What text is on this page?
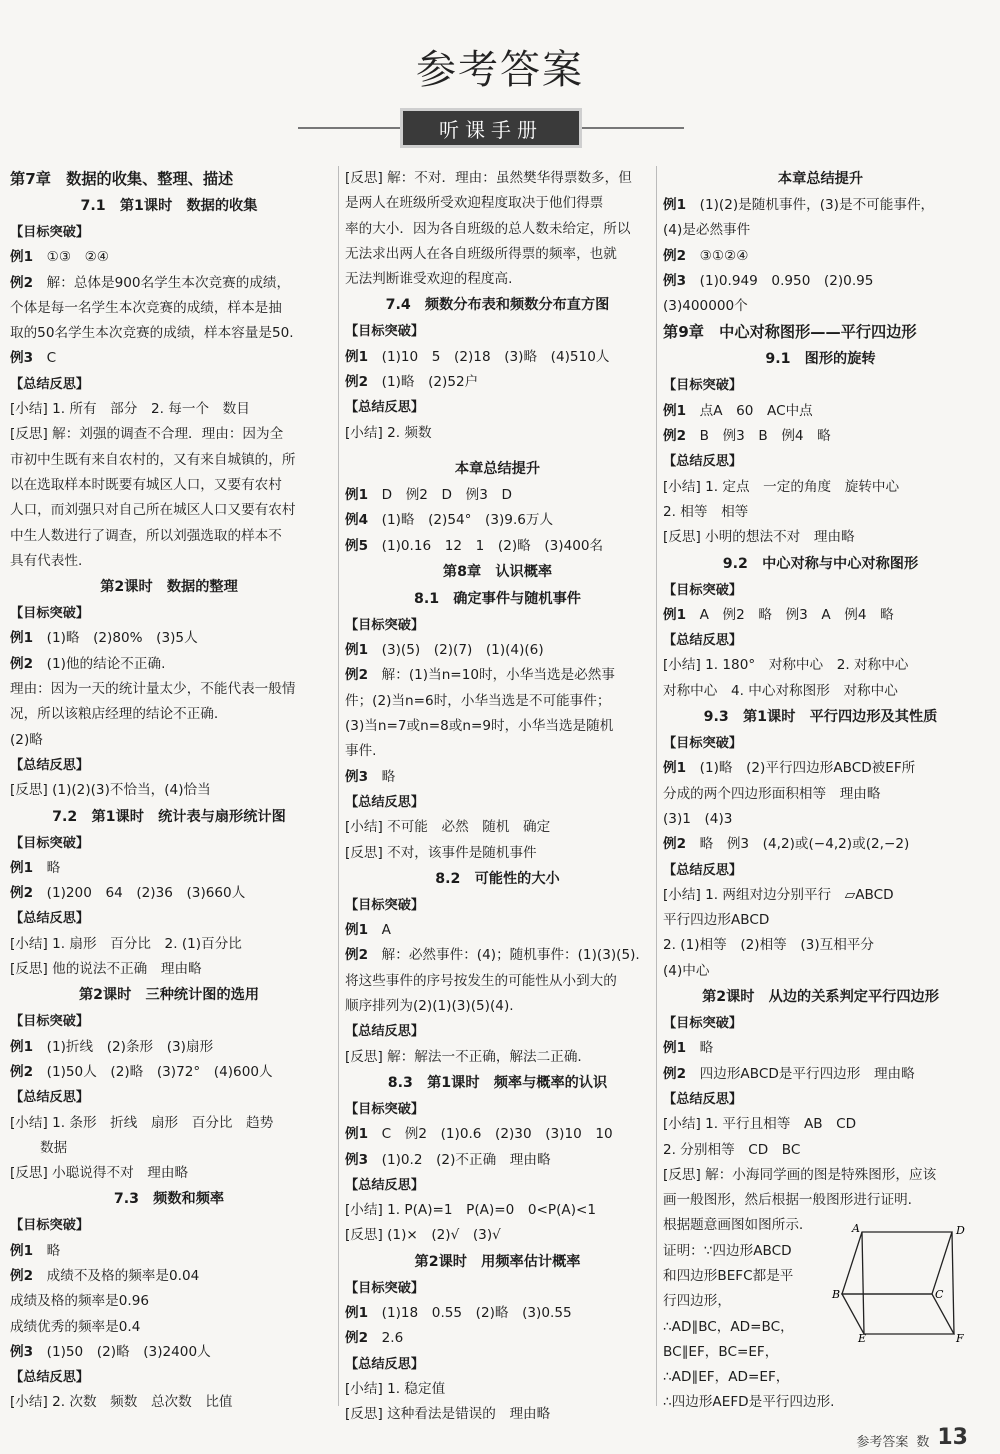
参考答案
听课手册
第7章　数据的收集、整理、描述
7.1　第1课时　数据的收集
【目标突破】
例1　 ①③　②④
例2　 解：总体是900名学生本次竞赛的成绩，
个体是每一名学生本次竞赛的成绩，样本是抽
取的50名学生本次竞赛的成绩，样本容量是50.
例3　 C
【总结反思】
[小结] 1. 所有　部分　2. 每一个　数目
[反思] 解：刘强的调查不合理．理由：因为全
市初中生既有来自农村的，又有来自城镇的，所
以在选取样本时既要有城区人口，又要有农村
人口，而刘强只对自己所在城区人口又要有农村
中生人数进行了调查，所以刘强选取的样本不
具有代表性.
第2课时　数据的整理
【目标突破】
例1　 (1)略　(2)80%　(3)5人
例2　 (1)他的结论不正确.
理由：因为一天的统计量太少，不能代表一般情
况，所以该粮店经理的结论不正确.
(2)略
【总结反思】
[反思] (1)(2)(3)不恰当，(4)恰当
7.2　第1课时　统计表与扇形统计图
【目标突破】
例1　 略
例2　 (1)200　64　(2)36　(3)660人
【总结反思】
[小结] 1. 扇形　百分比　2. (1)百分比
[反思] 他的说法不正确　理由略
第2课时　三种统计图的选用
【目标突破】
例1　 (1)折线　(2)条形　(3)扇形
例2　 (1)50人　(2)略　(3)72°　(4)600人
【总结反思】
[小结] 1. 条形　折线　扇形　百分比　趋势
数据
[反思] 小聪说得不对　理由略
7.3　频数和频率
【目标突破】
例1　 略
例2　 成绩不及格的频率是0.04
成绩及格的频率是0.96
成绩优秀的频率是0.4
例3　 (1)50　(2)略　(3)2400人
【总结反思】
[小结] 2. 次数　频数　总次数　比值
[反思] 解：不对．理由：虽然樊华得票数多，但
是两人在班级所受欢迎程度取决于他们得票
率的大小．因为各自班级的总人数未给定，所以
无法求出两人在各自班级所得票的频率，也就
无法判断谁受欢迎的程度高.
7.4　频数分布表和频数分布直方图
【目标突破】
例1　 (1)10　5　(2)18　(3)略　(4)510人
例2　 (1)略　(2)52户
【总结反思】
[小结] 2. 频数
本章总结提升
例1　 D　例2　D　例3　D
例4　 (1)略　(2)54°　(3)9.6万人
例5　 (1)0.16　12　1　(2)略　(3)400名
第8章　认识概率
8.1　确定事件与随机事件
【目标突破】
例1　 (3)(5)　(2)(7)　(1)(4)(6)
例2　 解：(1)当n=10时，小华当选是必然事
件；(2)当n=6时，小华当选是不可能事件；
(3)当n=7或n=8或n=9时，小华当选是随机
事件.
例3　 略
【总结反思】
[小结] 不可能　必然　随机　确定
[反思] 不对，该事件是随机事件
8.2　可能性的大小
【目标突破】
例1　 A
例2　 解：必然事件：(4)；随机事件：(1)(3)(5).
将这些事件的序号按发生的可能性从小到大的
顺序排列为(2)(1)(3)(5)(4).
【总结反思】
[反思] 解：解法一不正确，解法二正确.
8.3　第1课时　频率与概率的认识
【目标突破】
例1　 C　例2　(1)0.6　(2)30　(3)10　10
例3　 (1)0.2　(2)不正确　理由略
【总结反思】
[小结] 1. P(A)=1　P(A)=0　0<P(A)<1
[反思] (1)×　(2)√　(3)√
第2课时　用频率估计概率
【目标突破】
例1　 (1)18　0.55　(2)略　(3)0.55
例2　 2.6
【总结反思】
[小结] 1. 稳定值
[反思] 这种看法是错误的　理由略
本章总结提升
例1　 (1)(2)是随机事件，(3)是不可能事件，
(4)是必然事件
例2　 ③①②④
例3　 (1)0.949　0.950　(2)0.95
(3)400000个
第9章　中心对称图形——平行四边形
9.1　图形的旋转
【目标突破】
例1　 点A　60　AC中点
例2　 B　例3　B　例4　略
【总结反思】
[小结] 1. 定点　一定的角度　旋转中心
2. 相等　相等
[反思] 小明的想法不对　理由略
9.2　中心对称与中心对称图形
【目标突破】
例1　 A　例2　略　例3　A　例4　略
【总结反思】
[小结] 1. 180°　对称中心　2. 对称中心
对称中心　4. 中心对称图形　对称中心
9.3　第1课时　平行四边形及其性质
【目标突破】
例1　 (1)略　(2)平行四边形ABCD被EF所
分成的两个四边形面积相等　理由略
(3)1　(4)3
例2　 略　例3　(4,2)或(−4,2)或(2,−2)
【总结反思】
[小结] 1. 两组对边分别平行　▱ABCD
平行四边形ABCD
2. (1)相等　(2)相等　(3)互相平分
(4)中心
第2课时　从边的关系判定平行四边形
【目标突破】
例1　 略
例2　 四边形ABCD是平行四边形　理由略
【总结反思】
[小结] 1. 平行且相等　AB　CD
2. 分别相等　CD　BC
[反思] 解：小海同学画的图是特殊图形，应该
画一般图形，然后根据一般图形进行证明.
根据题意画图如图所示.
证明：∵四边形ABCD
和四边形BEFC都是平
行四边形，
∴AD∥BC，AD=BC，
BC∥EF，BC=EF，
∴AD∥EF，AD=EF，
∴四边形AEFD是平行四边形.
A	D
B	C
E	F
参考答案 数 13
